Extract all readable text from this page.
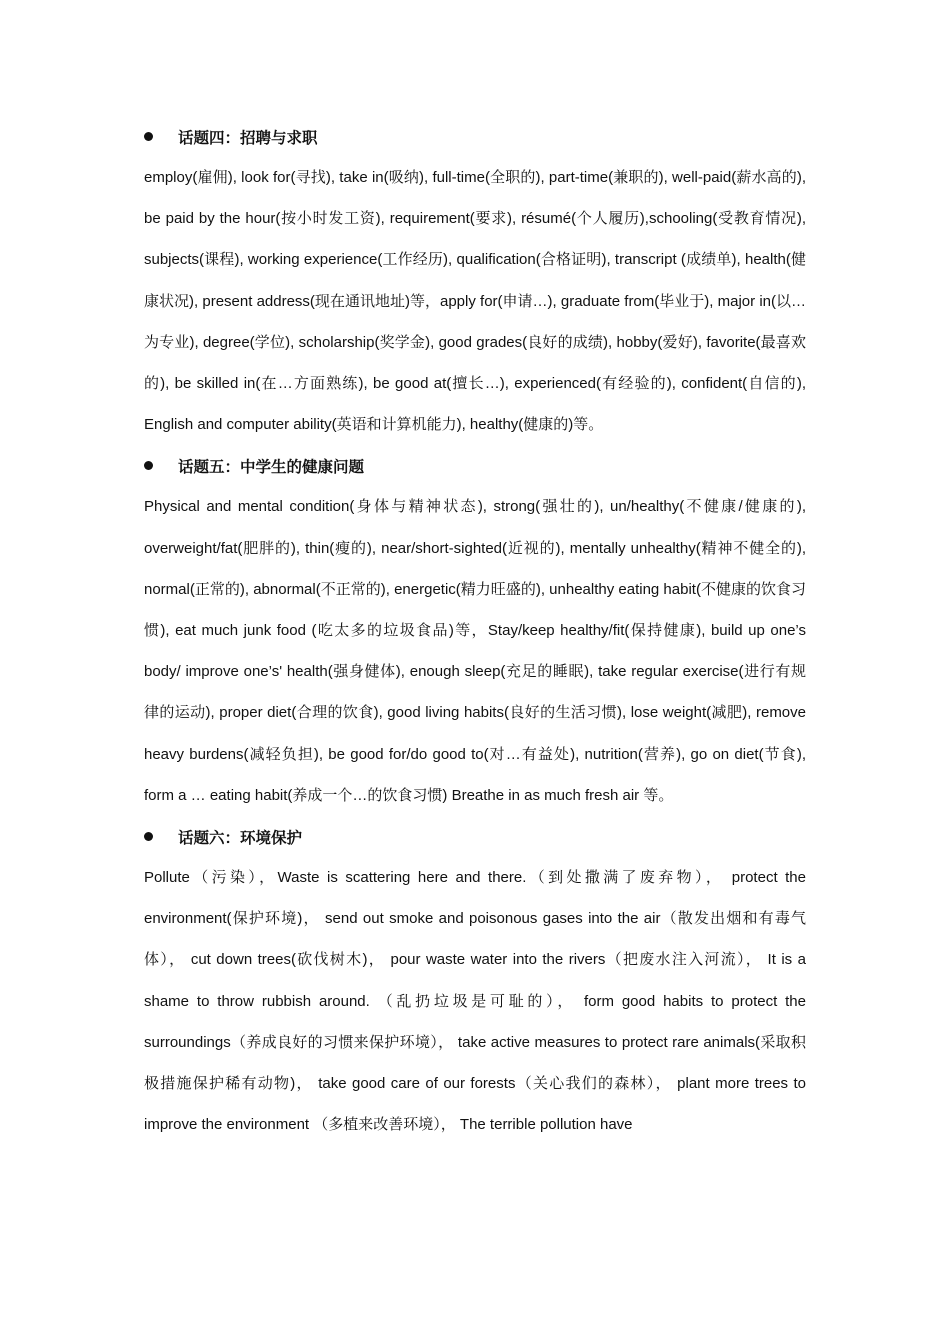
话题四：招聘与求职

employ(雇佣), look for(寻找), take in(吸纳), full-time(全职的), part-time(兼职的), well-paid(薪水高的), be paid by the hour(按小时发工资), requirement(要求), résumé(个人履历),schooling(受教育情况), subjects(课程), working experience(工作经历), qualification(合格证明), transcript (成绩单), health(健康状况), present address(现在通讯地址)等，apply for(申请…), graduate from(毕业于), major in(以…为专业), degree(学位), scholarship(奖学金), good grades(良好的成绩), hobby(爱好), favorite(最喜欢的), be skilled in(在…方面熟练), be good at(擅长…), experienced(有经验的), confident(自信的), English and computer ability(英语和计算机能力), healthy(健康的)等。

话题五：中学生的健康问题

Physical and mental condition(身体与精神状态), strong(强壮的), un/healthy(不健康/健康的), overweight/fat(肥胖的), thin(瘦的), near/short-sighted(近视的), mentally unhealthy(精神不健全的), normal(正常的), abnormal(不正常的), energetic(精力旺盛的), unhealthy eating habit(不健康的饮食习惯), eat much junk food (吃太多的垃圾食品)等，Stay/keep healthy/fit(保持健康), build up one’s body/ improve one’s' health(强身健体), enough sleep(充足的睡眠), take regular exercise(进行有规律的运动), proper diet(合理的饮食), good living habits(良好的生活习惯), lose weight(减肥), remove heavy burdens(减轻负担), be good for/do good to(对…有益处), nutrition(营养), go on diet(节食), form a … eating habit(养成一个…的饮食习惯) Breathe in as much fresh air 等。

话题六：环境保护

Pollute（污染），Waste is scattering here and there.（到处撒满了废弃物）， protect the environment(保护环境)， send out smoke and poisonous gases into the air（散发出烟和有毒气体）， cut down trees(砍伐树木)， pour waste water into the rivers（把废水注入河流）， It is a shame to throw rubbish around. （乱扔垃圾是可耻的）， form good habits to protect the surroundings（养成良好的习惯来保护环境）， take active measures to protect rare animals(采取积极措施保护稀有动物)， take good care of our forests（关心我们的森林）， plant more trees to improve the environment （多植来改善环境）， The terrible pollution have
